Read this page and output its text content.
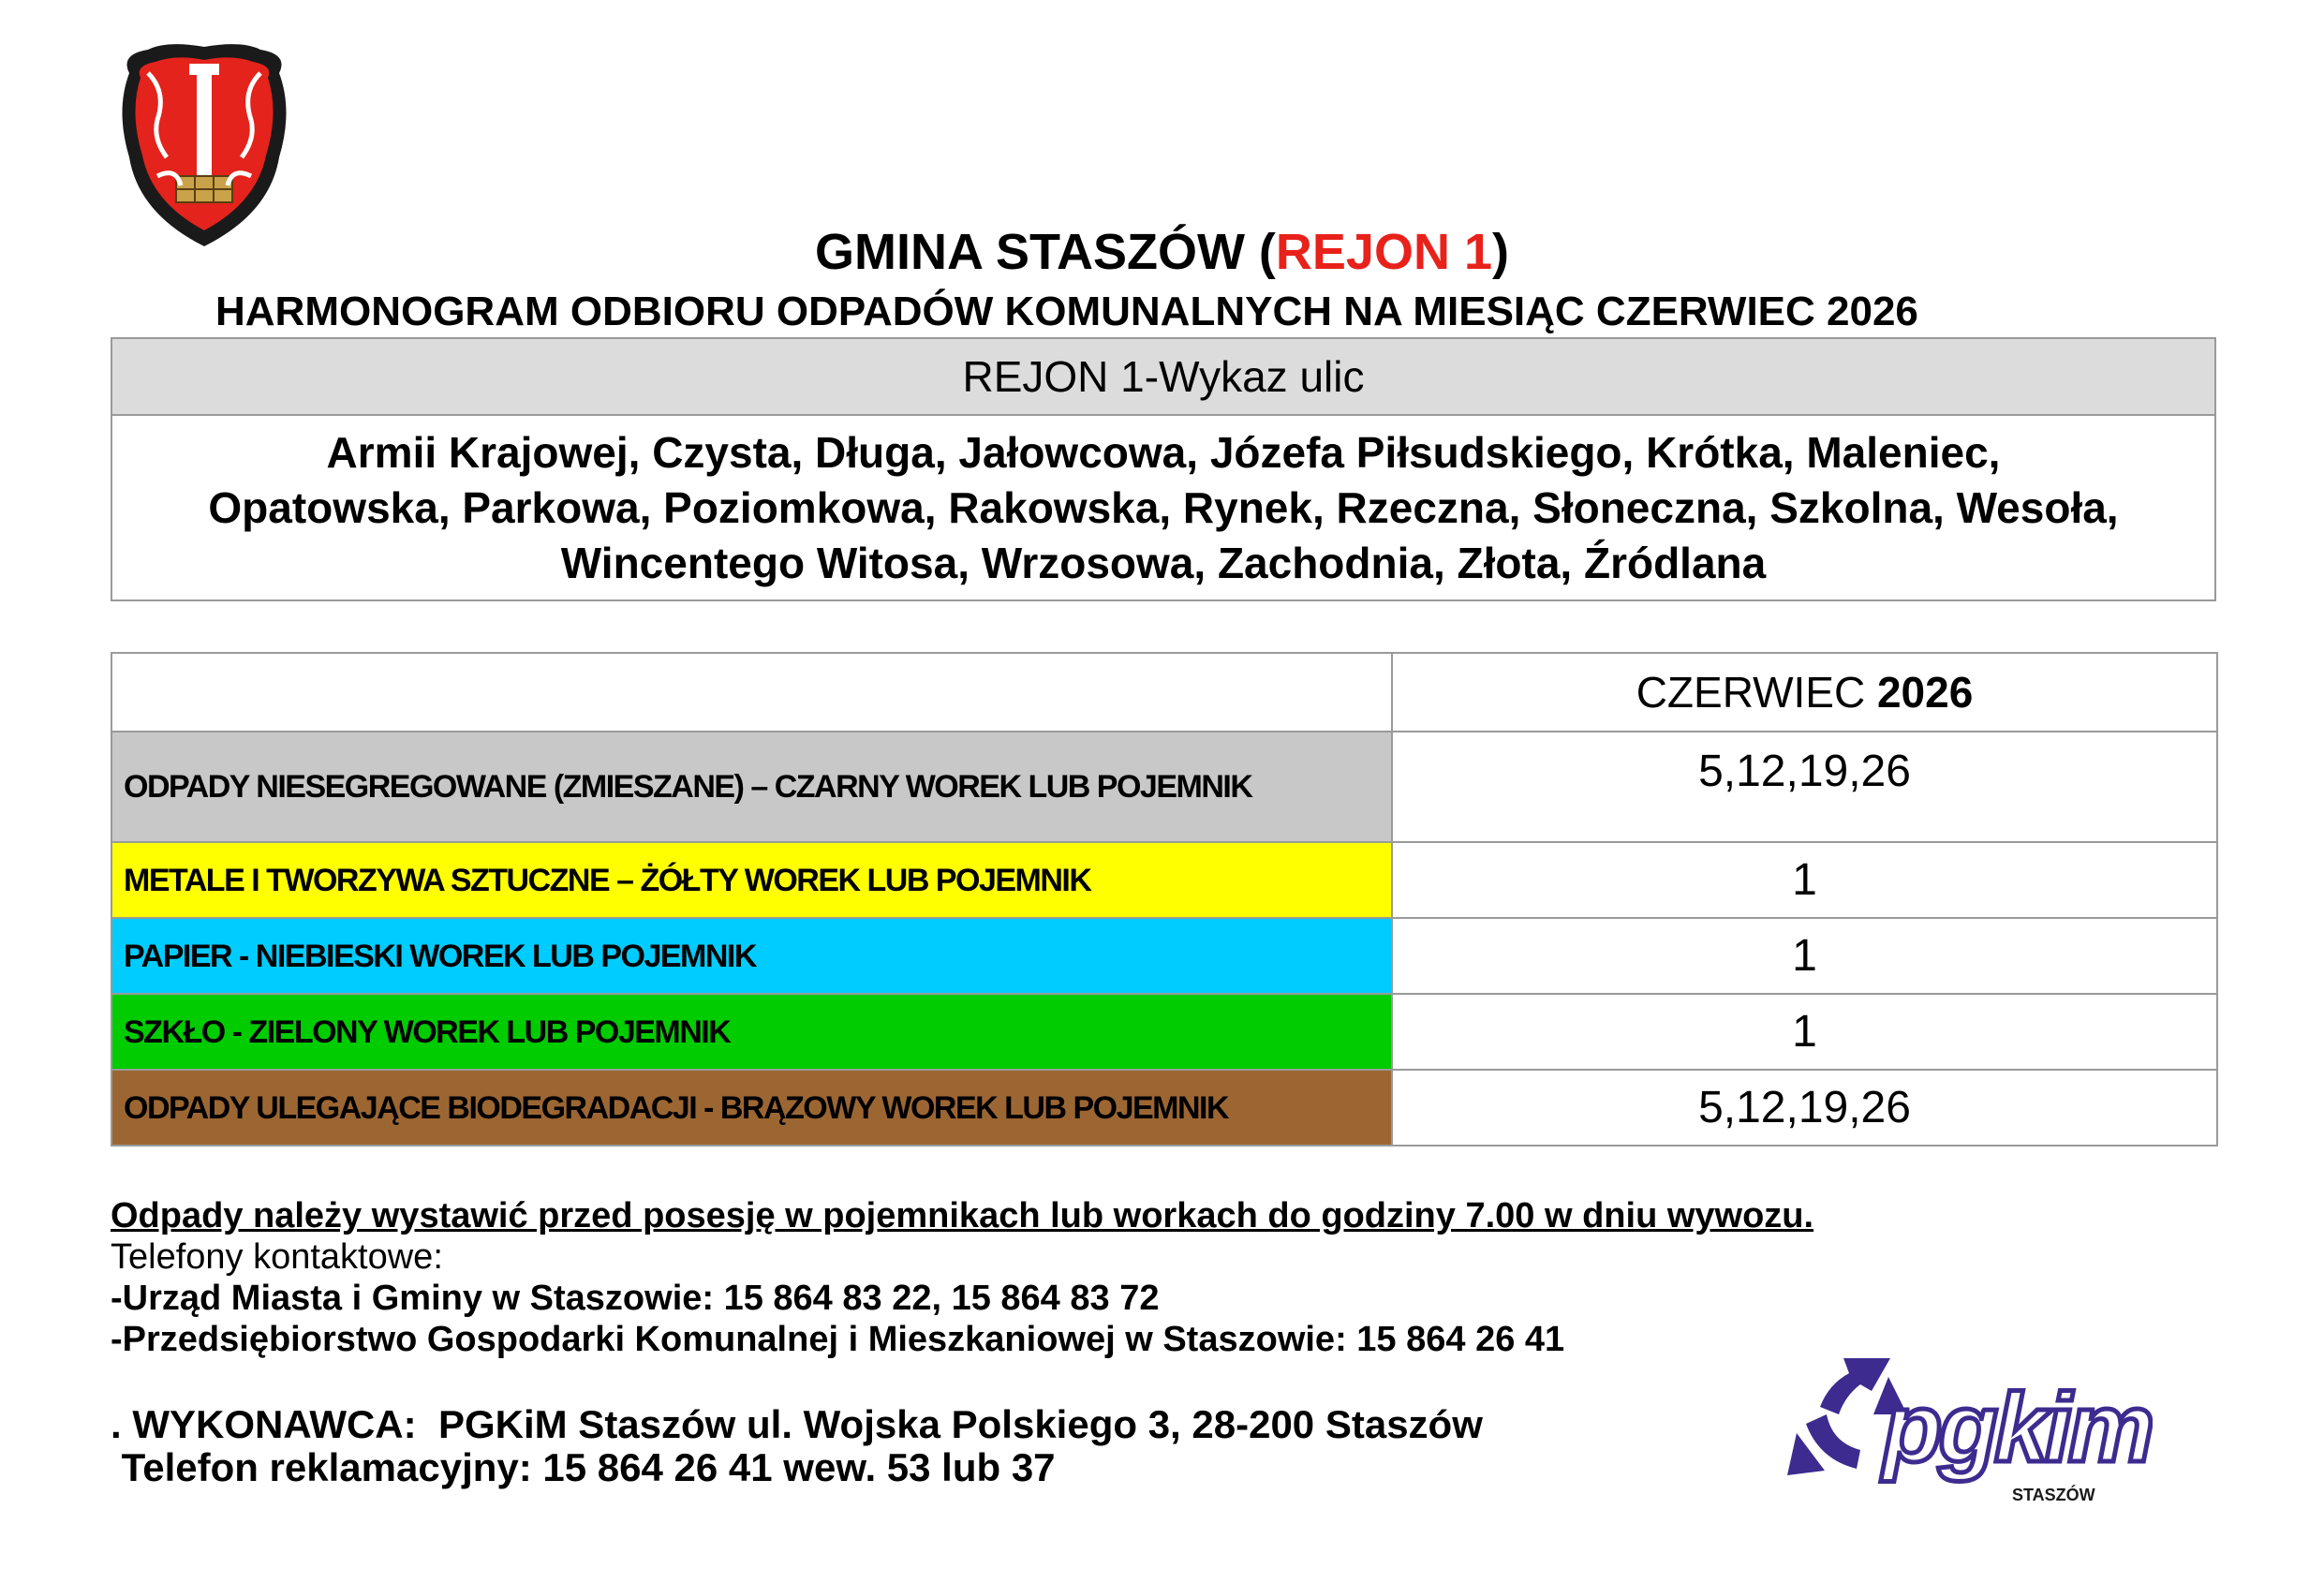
GMINA STASZÓW (REJON 1)
HARMONOGRAM ODBIORU ODPADÓW KOMUNALNYCH NA MIESIĄC CZERWIEC 2026
REJON 1-Wykaz ulic
Armii Krajowej, Czysta, Długa, Jałowcowa, Józefa Piłsudskiego, Krótka, Maleniec,
Opatowska, Parkowa, Poziomkowa, Rakowska, Rynek, Rzeczna, Słoneczna, Szkolna, Wesoła,
Wincentego Witosa, Wrzosowa, Zachodnia, Złota, Źródlana
	CZERWIEC 2026
ODPADY NIESEGREGOWANE (ZMIESZANE) – CZARNY WOREK LUB POJEMNIK	5,12,19,26
METALE I TWORZYWA SZTUCZNE – ŻÓŁTY WOREK LUB POJEMNIK	1
PAPIER - NIEBIESKI WOREK LUB POJEMNIK	1
SZKŁO - ZIELONY WOREK LUB POJEMNIK	1
ODPADY ULEGAJĄCE BIODEGRADACJI - BRĄZOWY WOREK LUB POJEMNIK	5,12,19,26
Odpady należy wystawić przed posesję w pojemnikach lub workach do godziny 7.00 w dniu wywozu.
Telefony kontaktowe:
-Urząd Miasta i Gminy w Staszowie: 15 864 83 22, 15 864 83 72
-Przedsiębiorstwo Gospodarki Komunalnej i Mieszkaniowej w Staszowie: 15 864 26 41
. WYKONAWCA:  PGKiM Staszów ul. Wojska Polskiego 3, 28-200 Staszów
Telefon reklamacyjny: 15 864 26 41 wew. 53 lub 37	pgkim
STASZÓW
